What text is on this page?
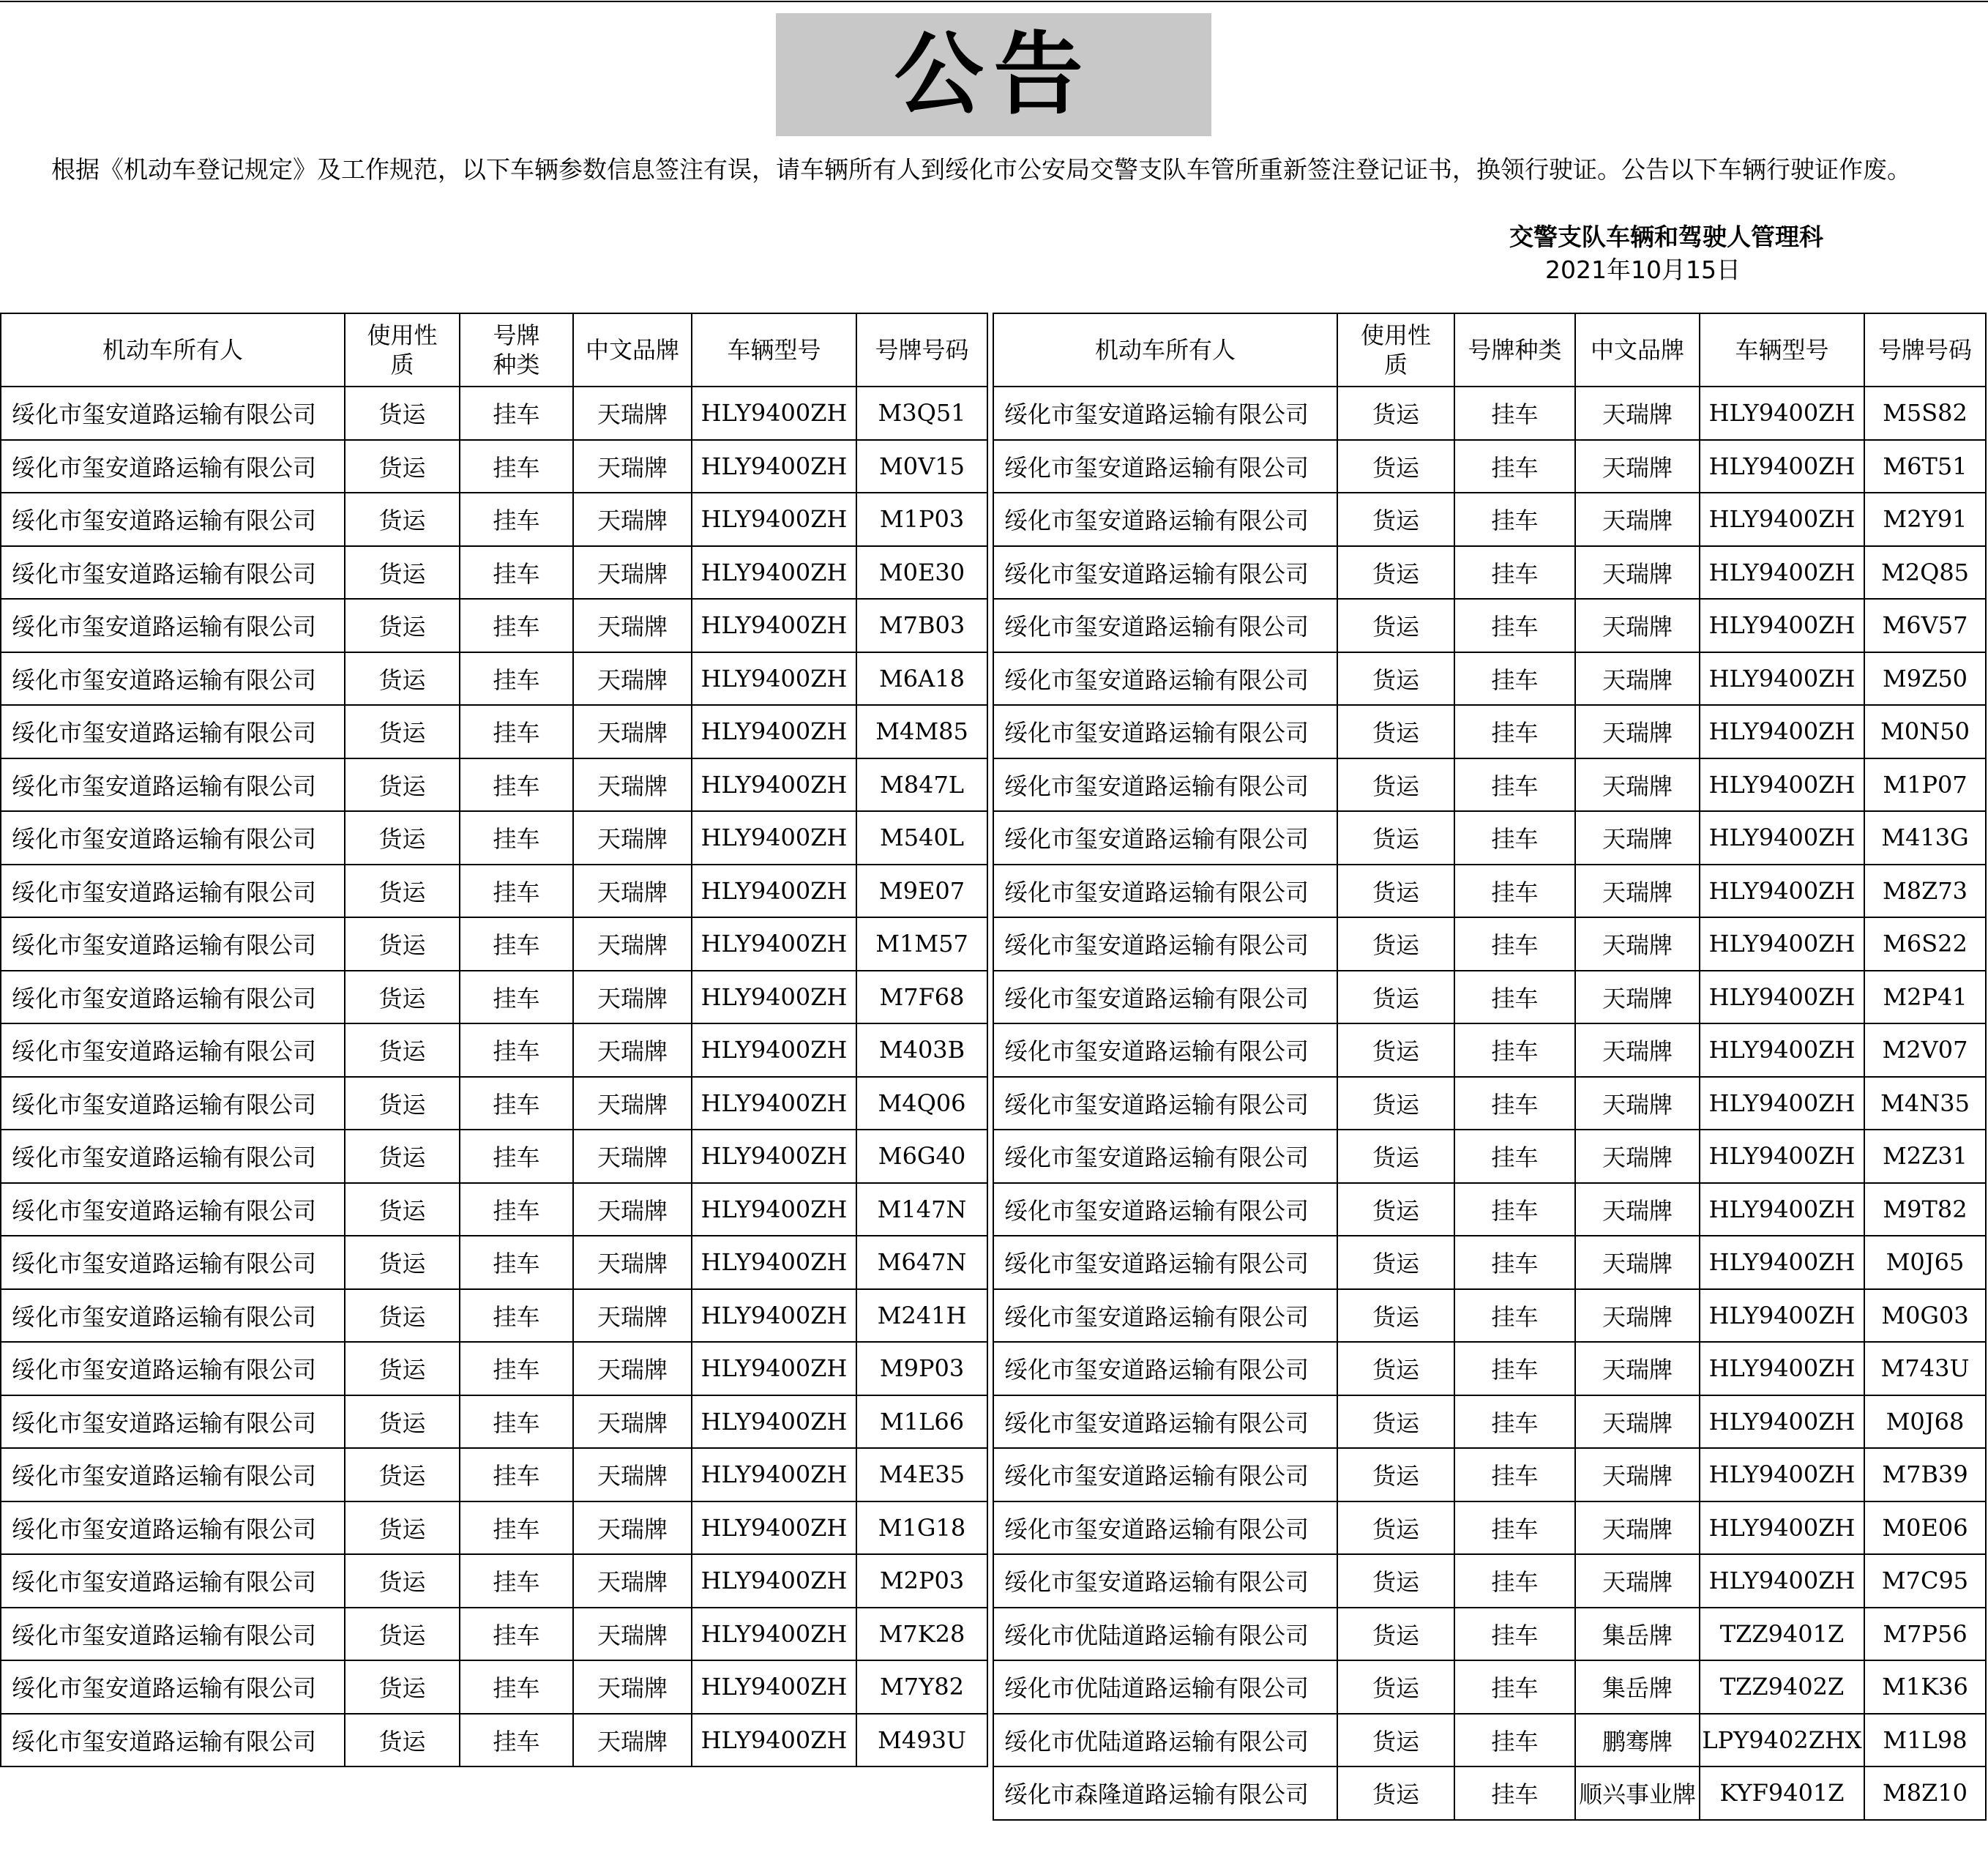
公告

根据《机动车登记规定》及工作规范，以下车辆参数信息签注有误，请车辆所有人到绥化市公安局交警支队车管所重新签注登记证书，换领行驶证。公告以下车辆行驶证作废。

交警支队车辆和驾驶人管理科
2021年10月15日
机动车所有人	使用性质	号牌种类	中文品牌	车辆型号	号牌号码
绥化市玺安道路运输有限公司	货运	挂车	天瑞牌	HLY9400ZH	M3Q51
绥化市玺安道路运输有限公司	货运	挂车	天瑞牌	HLY9400ZH	M0V15
绥化市玺安道路运输有限公司	货运	挂车	天瑞牌	HLY9400ZH	M1P03
绥化市玺安道路运输有限公司	货运	挂车	天瑞牌	HLY9400ZH	M0E30
绥化市玺安道路运输有限公司	货运	挂车	天瑞牌	HLY9400ZH	M7B03
绥化市玺安道路运输有限公司	货运	挂车	天瑞牌	HLY9400ZH	M6A18
绥化市玺安道路运输有限公司	货运	挂车	天瑞牌	HLY9400ZH	M4M85
绥化市玺安道路运输有限公司	货运	挂车	天瑞牌	HLY9400ZH	M847L
绥化市玺安道路运输有限公司	货运	挂车	天瑞牌	HLY9400ZH	M540L
绥化市玺安道路运输有限公司	货运	挂车	天瑞牌	HLY9400ZH	M9E07
绥化市玺安道路运输有限公司	货运	挂车	天瑞牌	HLY9400ZH	M1M57
绥化市玺安道路运输有限公司	货运	挂车	天瑞牌	HLY9400ZH	M7F68
绥化市玺安道路运输有限公司	货运	挂车	天瑞牌	HLY9400ZH	M403B
绥化市玺安道路运输有限公司	货运	挂车	天瑞牌	HLY9400ZH	M4Q06
绥化市玺安道路运输有限公司	货运	挂车	天瑞牌	HLY9400ZH	M6G40
绥化市玺安道路运输有限公司	货运	挂车	天瑞牌	HLY9400ZH	M147N
绥化市玺安道路运输有限公司	货运	挂车	天瑞牌	HLY9400ZH	M647N
绥化市玺安道路运输有限公司	货运	挂车	天瑞牌	HLY9400ZH	M241H
绥化市玺安道路运输有限公司	货运	挂车	天瑞牌	HLY9400ZH	M9P03
绥化市玺安道路运输有限公司	货运	挂车	天瑞牌	HLY9400ZH	M1L66
绥化市玺安道路运输有限公司	货运	挂车	天瑞牌	HLY9400ZH	M4E35
绥化市玺安道路运输有限公司	货运	挂车	天瑞牌	HLY9400ZH	M1G18
绥化市玺安道路运输有限公司	货运	挂车	天瑞牌	HLY9400ZH	M2P03
绥化市玺安道路运输有限公司	货运	挂车	天瑞牌	HLY9400ZH	M7K28
绥化市玺安道路运输有限公司	货运	挂车	天瑞牌	HLY9400ZH	M7Y82
绥化市玺安道路运输有限公司	货运	挂车	天瑞牌	HLY9400ZH	M493U
机动车所有人	使用性质	号牌种类	中文品牌	车辆型号	号牌号码
绥化市玺安道路运输有限公司	货运	挂车	天瑞牌	HLY9400ZH	M5S82
绥化市玺安道路运输有限公司	货运	挂车	天瑞牌	HLY9400ZH	M6T51
绥化市玺安道路运输有限公司	货运	挂车	天瑞牌	HLY9400ZH	M2Y91
绥化市玺安道路运输有限公司	货运	挂车	天瑞牌	HLY9400ZH	M2Q85
绥化市玺安道路运输有限公司	货运	挂车	天瑞牌	HLY9400ZH	M6V57
绥化市玺安道路运输有限公司	货运	挂车	天瑞牌	HLY9400ZH	M9Z50
绥化市玺安道路运输有限公司	货运	挂车	天瑞牌	HLY9400ZH	M0N50
绥化市玺安道路运输有限公司	货运	挂车	天瑞牌	HLY9400ZH	M1P07
绥化市玺安道路运输有限公司	货运	挂车	天瑞牌	HLY9400ZH	M413G
绥化市玺安道路运输有限公司	货运	挂车	天瑞牌	HLY9400ZH	M8Z73
绥化市玺安道路运输有限公司	货运	挂车	天瑞牌	HLY9400ZH	M6S22
绥化市玺安道路运输有限公司	货运	挂车	天瑞牌	HLY9400ZH	M2P41
绥化市玺安道路运输有限公司	货运	挂车	天瑞牌	HLY9400ZH	M2V07
绥化市玺安道路运输有限公司	货运	挂车	天瑞牌	HLY9400ZH	M4N35
绥化市玺安道路运输有限公司	货运	挂车	天瑞牌	HLY9400ZH	M2Z31
绥化市玺安道路运输有限公司	货运	挂车	天瑞牌	HLY9400ZH	M9T82
绥化市玺安道路运输有限公司	货运	挂车	天瑞牌	HLY9400ZH	M0J65
绥化市玺安道路运输有限公司	货运	挂车	天瑞牌	HLY9400ZH	M0G03
绥化市玺安道路运输有限公司	货运	挂车	天瑞牌	HLY9400ZH	M743U
绥化市玺安道路运输有限公司	货运	挂车	天瑞牌	HLY9400ZH	M0J68
绥化市玺安道路运输有限公司	货运	挂车	天瑞牌	HLY9400ZH	M7B39
绥化市玺安道路运输有限公司	货运	挂车	天瑞牌	HLY9400ZH	M0E06
绥化市玺安道路运输有限公司	货运	挂车	天瑞牌	HLY9400ZH	M7C95
绥化市优陆道路运输有限公司	货运	挂车	集岳牌	TZZ9401Z	M7P56
绥化市优陆道路运输有限公司	货运	挂车	集岳牌	TZZ9402Z	M1K36
绥化市优陆道路运输有限公司	货运	挂车	鹏骞牌	LPY9402ZHX	M1L98
绥化市森隆道路运输有限公司	货运	挂车	顺兴事业牌	KYF9401Z	M8Z10
